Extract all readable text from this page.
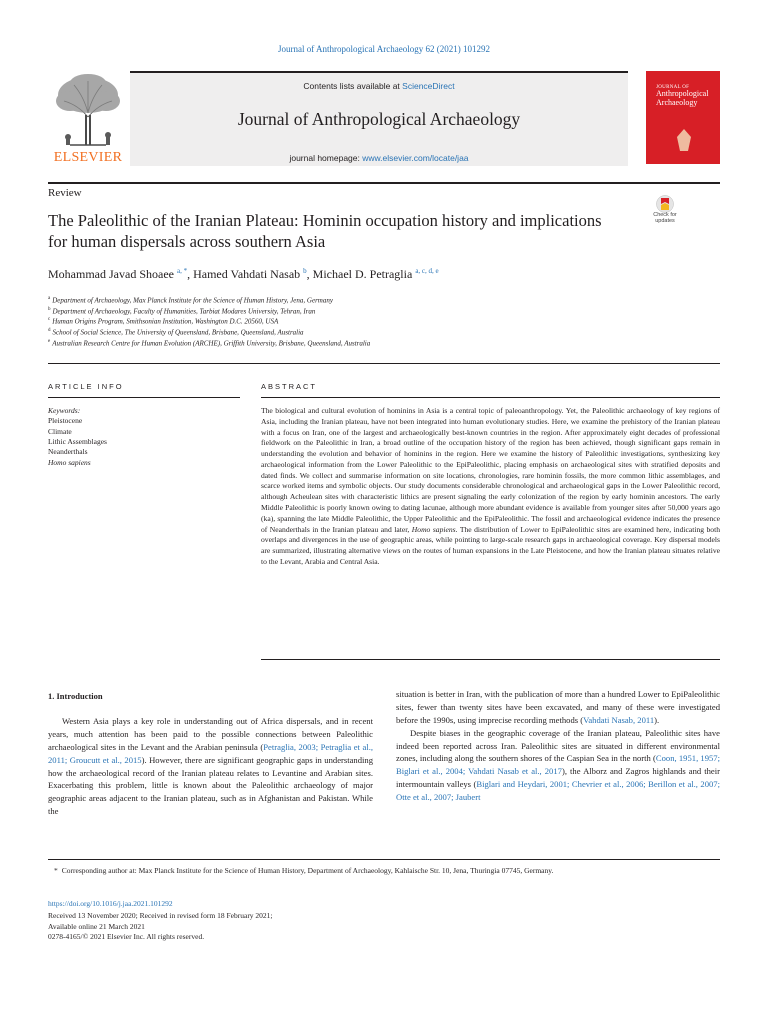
Journal of Anthropological Archaeology 62 (2021) 101292
ELSEVIER
Contents lists available at ScienceDirect
Journal of Anthropological Archaeology
journal homepage: www.elsevier.com/locate/jaa
JOURNAL OF
Anthropological
Archaeology
Review
The Paleolithic of the Iranian Plateau: Hominin occupation history and implications for human dispersals across southern Asia
Check for
updates
Mohammad Javad Shoaee $^{a, *}$, Hamed Vahdati Nasab $^b$, Michael D. Petraglia $^{a, c, d, e}$
$^a$ Department of Archaeology, Max Planck Institute for the Science of Human History, Jena, Germany
$^b$ Department of Archaeology, Faculty of Humanities, Tarbiat Modares University, Tehran, Iran
$^c$ Human Origins Program, Smithsonian Institution, Washington D.C. 20560, USA
$^d$ School of Social Science, The University of Queensland, Brisbane, Queensland, Australia
$^e$ Australian Research Centre for Human Evolution (ARCHE), Griffith University, Brisbane, Queensland, Australia
ARTICLE INFO
Keywords:
Pleistocene
Climate
Lithic Assemblages
Neanderthals
Homo sapiens
ABSTRACT
The biological and cultural evolution of hominins in Asia is a central topic of paleoanthropology. Yet, the Paleolithic archaeology of key regions of Asia, including the Iranian plateau, have not been integrated into human evolutionary studies. Here, we examine the prehistory of the Iranian plateau with a focus on Iran, one of the largest and archaeologically best-known countries in the region. After approximately eight decades of professional fieldwork on the Paleolithic in Iran, a broad outline of the occupation history of the region has been achieved, though significant gaps remain in understanding the evolution and behavior of hominins in the region. Here we examine the history of Paleolithic investigations, synthesizing key archaeological information from the Lower Paleolithic to the EpiPaleolithic, placing emphasis on archaeological sites with stratified deposits and dated finds. We collect and summarise information on site locations, chronologies, rare hominin fossils, the more common lithic assemblages, and scarce worked items and symbolic objects. Our study documents considerable chronological and archaeological gaps in the Lower Paleolithic record, although Acheulean sites with characteristic lithics are present signaling the early colonization of the region by early hominin ancestors. The early Middle Paleolithic is poorly known owing to dating lacunae, although more abundant evidence is available from younger sites after 50,000 years ago (ka), spanning the late Middle Paleolithic, the Upper Paleolithic and the EpiPaleolithic. The fossil and archaeological evidence indicates the presence of Neanderthals in the Iranian plateau and later, Homo sapiens. The distribution of Lower to EpiPaleolithic sites are examined here, indicating both overlaps and divergences in the use of geographic areas, while pointing to large-scale research gaps in archaeological coverage. Key dispersal models are summarized, illustrating alternative views on the routes of human expansions in the Late Pleistocene, and how the Iranian plateau situates relative to the Levant, Arabia and Central Asia.
1. Introduction
Western Asia plays a key role in understanding out of Africa dispersals, and in recent years, much attention has been paid to the possible connections between Paleolithic archaeological sites in the Levant and the Arabian peninsula (Petraglia, 2003; Petraglia et al., 2011; Groucutt et al., 2015). However, there are significant geographic gaps in understanding how the archaeological record of the Iranian plateau relates to Levantine and Arabian sites. Exacerbating this problem, little is known about the Paleolithic archaeology of major geographic areas adjacent to the Iranian plateau, such as in Afghanistan and Pakistan. While the
situation is better in Iran, with the publication of more than a hundred Lower to EpiPaleolithic sites, fewer than twenty sites have been excavated, and many of these were investigated before the 1990s, using imprecise recording methods (Vahdati Nasab, 2011).
Despite biases in the geographic coverage of the Iranian plateau, Paleolithic sites have indeed been reported across Iran. Paleolithic sites are situated in different environmental zones, including along the southern shores of the Caspian Sea in the north (Coon, 1951, 1957; Biglari et al., 2004; Vahdati Nasab et al., 2017), the Alborz and Zagros highlands and their intermountain valleys (Biglari and Heydari, 2001; Chevrier et al., 2006; Berillon et al., 2007; Otte et al., 2007; Jaubert
* Corresponding author at: Max Planck Institute for the Science of Human History, Department of Archaeology, Kahlaische Str. 10, Jena, Thuringia 07745, Germany.
https://doi.org/10.1016/j.jaa.2021.101292
Received 13 November 2020; Received in revised form 18 February 2021;
Available online 21 March 2021
0278-4165/© 2021 Elsevier Inc. All rights reserved.
